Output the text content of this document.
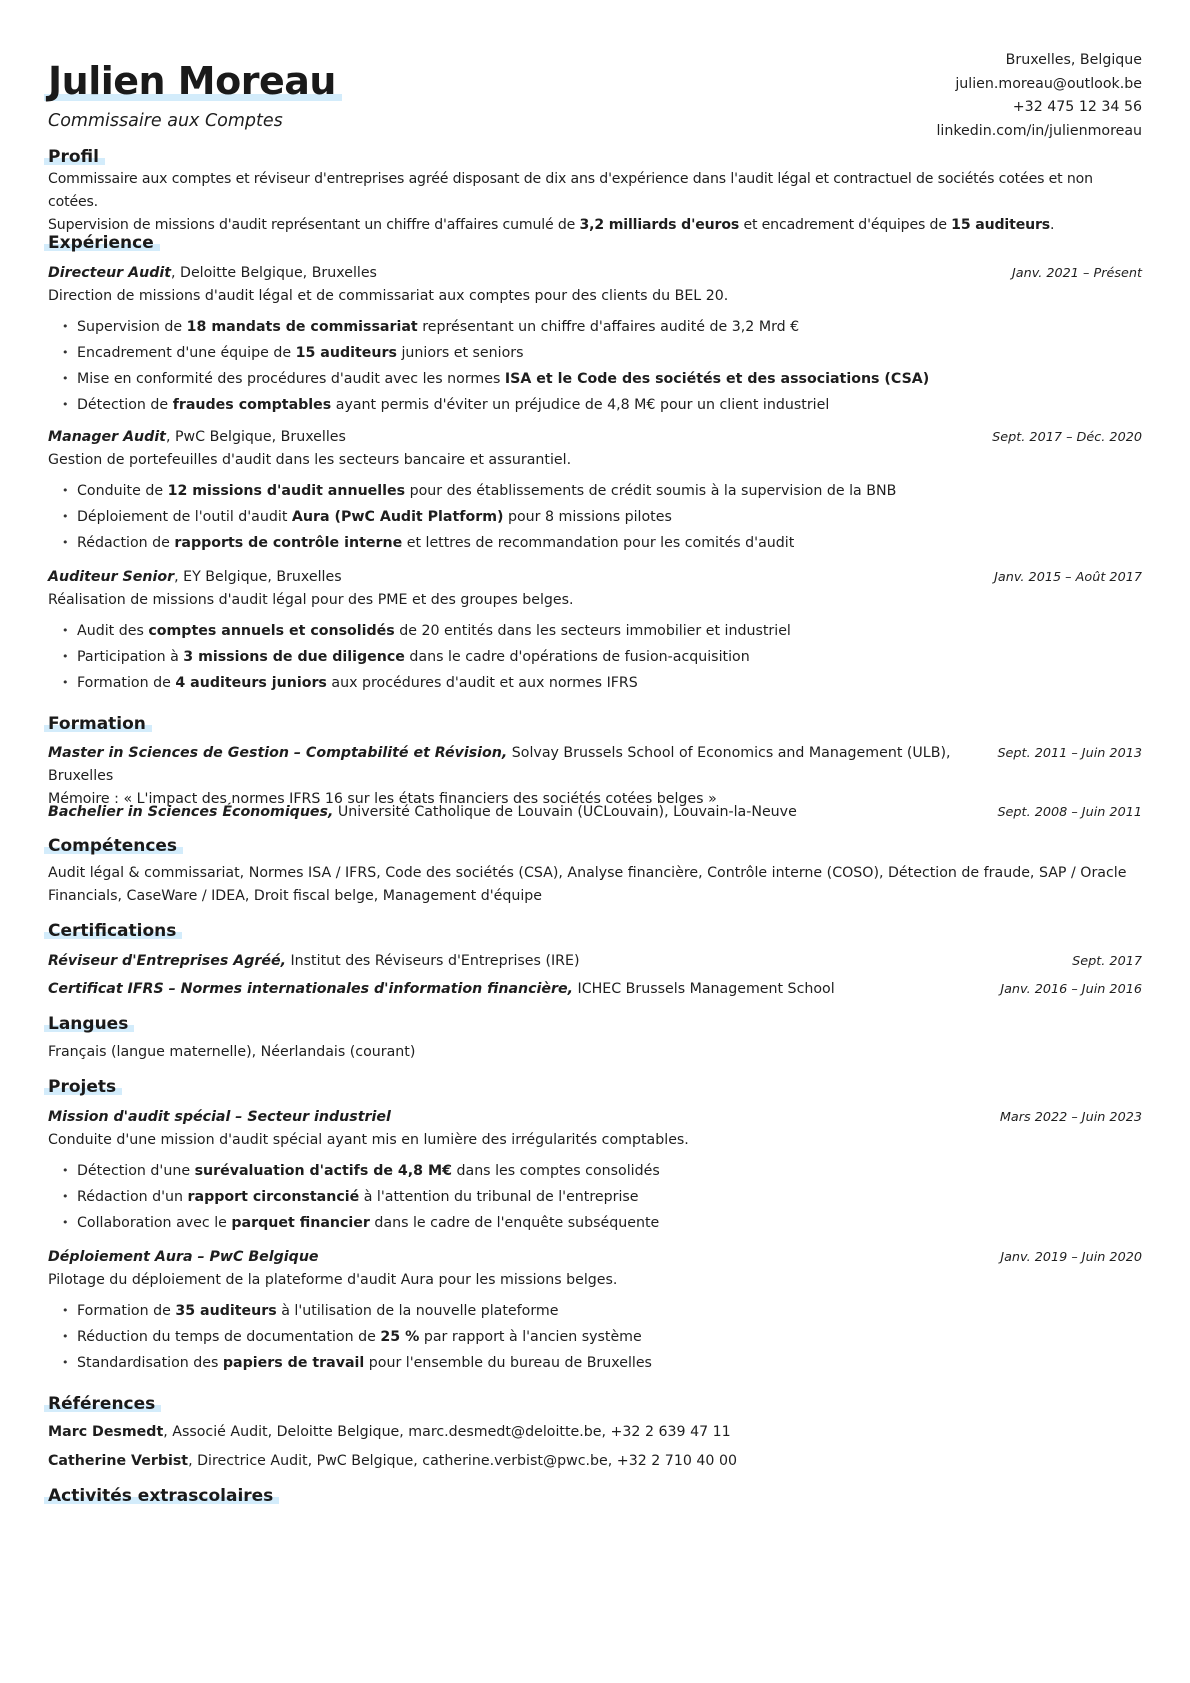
Julien Moreau
Commissaire aux Comptes
Bruxelles, Belgique
julien.moreau@outlook.be
+32 475 12 34 56
linkedin.com/in/julienmoreau
Profil
Commissaire aux comptes et réviseur d'entreprises agréé disposant de dix ans d'expérience dans l'audit légal et contractuel de sociétés cotées et non cotées.
Supervision de missions d'audit représentant un chiffre d'affaires cumulé de 3,2 milliards d'euros et encadrement d'équipes de 15 auditeurs.
Expérience
Directeur Audit, Deloitte Belgique, Bruxelles	Janv. 2021 – Présent
Direction de missions d'audit légal et de commissariat aux comptes pour des clients du BEL 20.
• Supervision de 18 mandats de commissariat représentant un chiffre d'affaires audité de 3,2 Mrd €
• Encadrement d'une équipe de 15 auditeurs juniors et seniors
• Mise en conformité des procédures d'audit avec les normes ISA et le Code des sociétés et des associations (CSA)
• Détection de fraudes comptables ayant permis d'éviter un préjudice de 4,8 M€ pour un client industriel
Manager Audit, PwC Belgique, Bruxelles	Sept. 2017 – Déc. 2020
Gestion de portefeuilles d'audit dans les secteurs bancaire et assurantiel.
• Conduite de 12 missions d'audit annuelles pour des établissements de crédit soumis à la supervision de la BNB
• Déploiement de l'outil d'audit Aura (PwC Audit Platform) pour 8 missions pilotes
• Rédaction de rapports de contrôle interne et lettres de recommandation pour les comités d'audit
Auditeur Senior, EY Belgique, Bruxelles	Janv. 2015 – Août 2017
Réalisation de missions d'audit légal pour des PME et des groupes belges.
• Audit des comptes annuels et consolidés de 20 entités dans les secteurs immobilier et industriel
• Participation à 3 missions de due diligence dans le cadre d'opérations de fusion-acquisition
• Formation de 4 auditeurs juniors aux procédures d'audit et aux normes IFRS
Formation
Master in Sciences de Gestion – Comptabilité et Révision, Solvay Brussels School of Economics and Management (ULB), Bruxelles
Sept. 2011 – Juin 2013
Mémoire : « L'impact des normes IFRS 16 sur les états financiers des sociétés cotées belges »
Bachelier in Sciences Économiques, Université Catholique de Louvain (UCLouvain), Louvain-la-Neuve	Sept. 2008 – Juin 2011
Compétences
Audit légal & commissariat, Normes ISA / IFRS, Code des sociétés (CSA), Analyse financière, Contrôle interne (COSO), Détection de fraude, SAP / Oracle
Financials, CaseWare / IDEA, Droit fiscal belge, Management d'équipe
Certifications
Réviseur d'Entreprises Agréé, Institut des Réviseurs d'Entreprises (IRE)	Sept. 2017
Certificat IFRS – Normes internationales d'information financière, ICHEC Brussels Management School	Janv. 2016 – Juin 2016
Langues
Français (langue maternelle), Néerlandais (courant)
Projets
Mission d'audit spécial – Secteur industriel	Mars 2022 – Juin 2023
Conduite d'une mission d'audit spécial ayant mis en lumière des irrégularités comptables.
• Détection d'une surévaluation d'actifs de 4,8 M€ dans les comptes consolidés
• Rédaction d'un rapport circonstancié à l'attention du tribunal de l'entreprise
• Collaboration avec le parquet financier dans le cadre de l'enquête subséquente
Déploiement Aura – PwC Belgique	Janv. 2019 – Juin 2020
Pilotage du déploiement de la plateforme d'audit Aura pour les missions belges.
• Formation de 35 auditeurs à l'utilisation de la nouvelle plateforme
• Réduction du temps de documentation de 25 % par rapport à l'ancien système
• Standardisation des papiers de travail pour l'ensemble du bureau de Bruxelles
Références
Marc Desmedt, Associé Audit, Deloitte Belgique, marc.desmedt@deloitte.be, +32 2 639 47 11
Catherine Verbist, Directrice Audit, PwC Belgique, catherine.verbist@pwc.be, +32 2 710 40 00
Activités extrascolaires
